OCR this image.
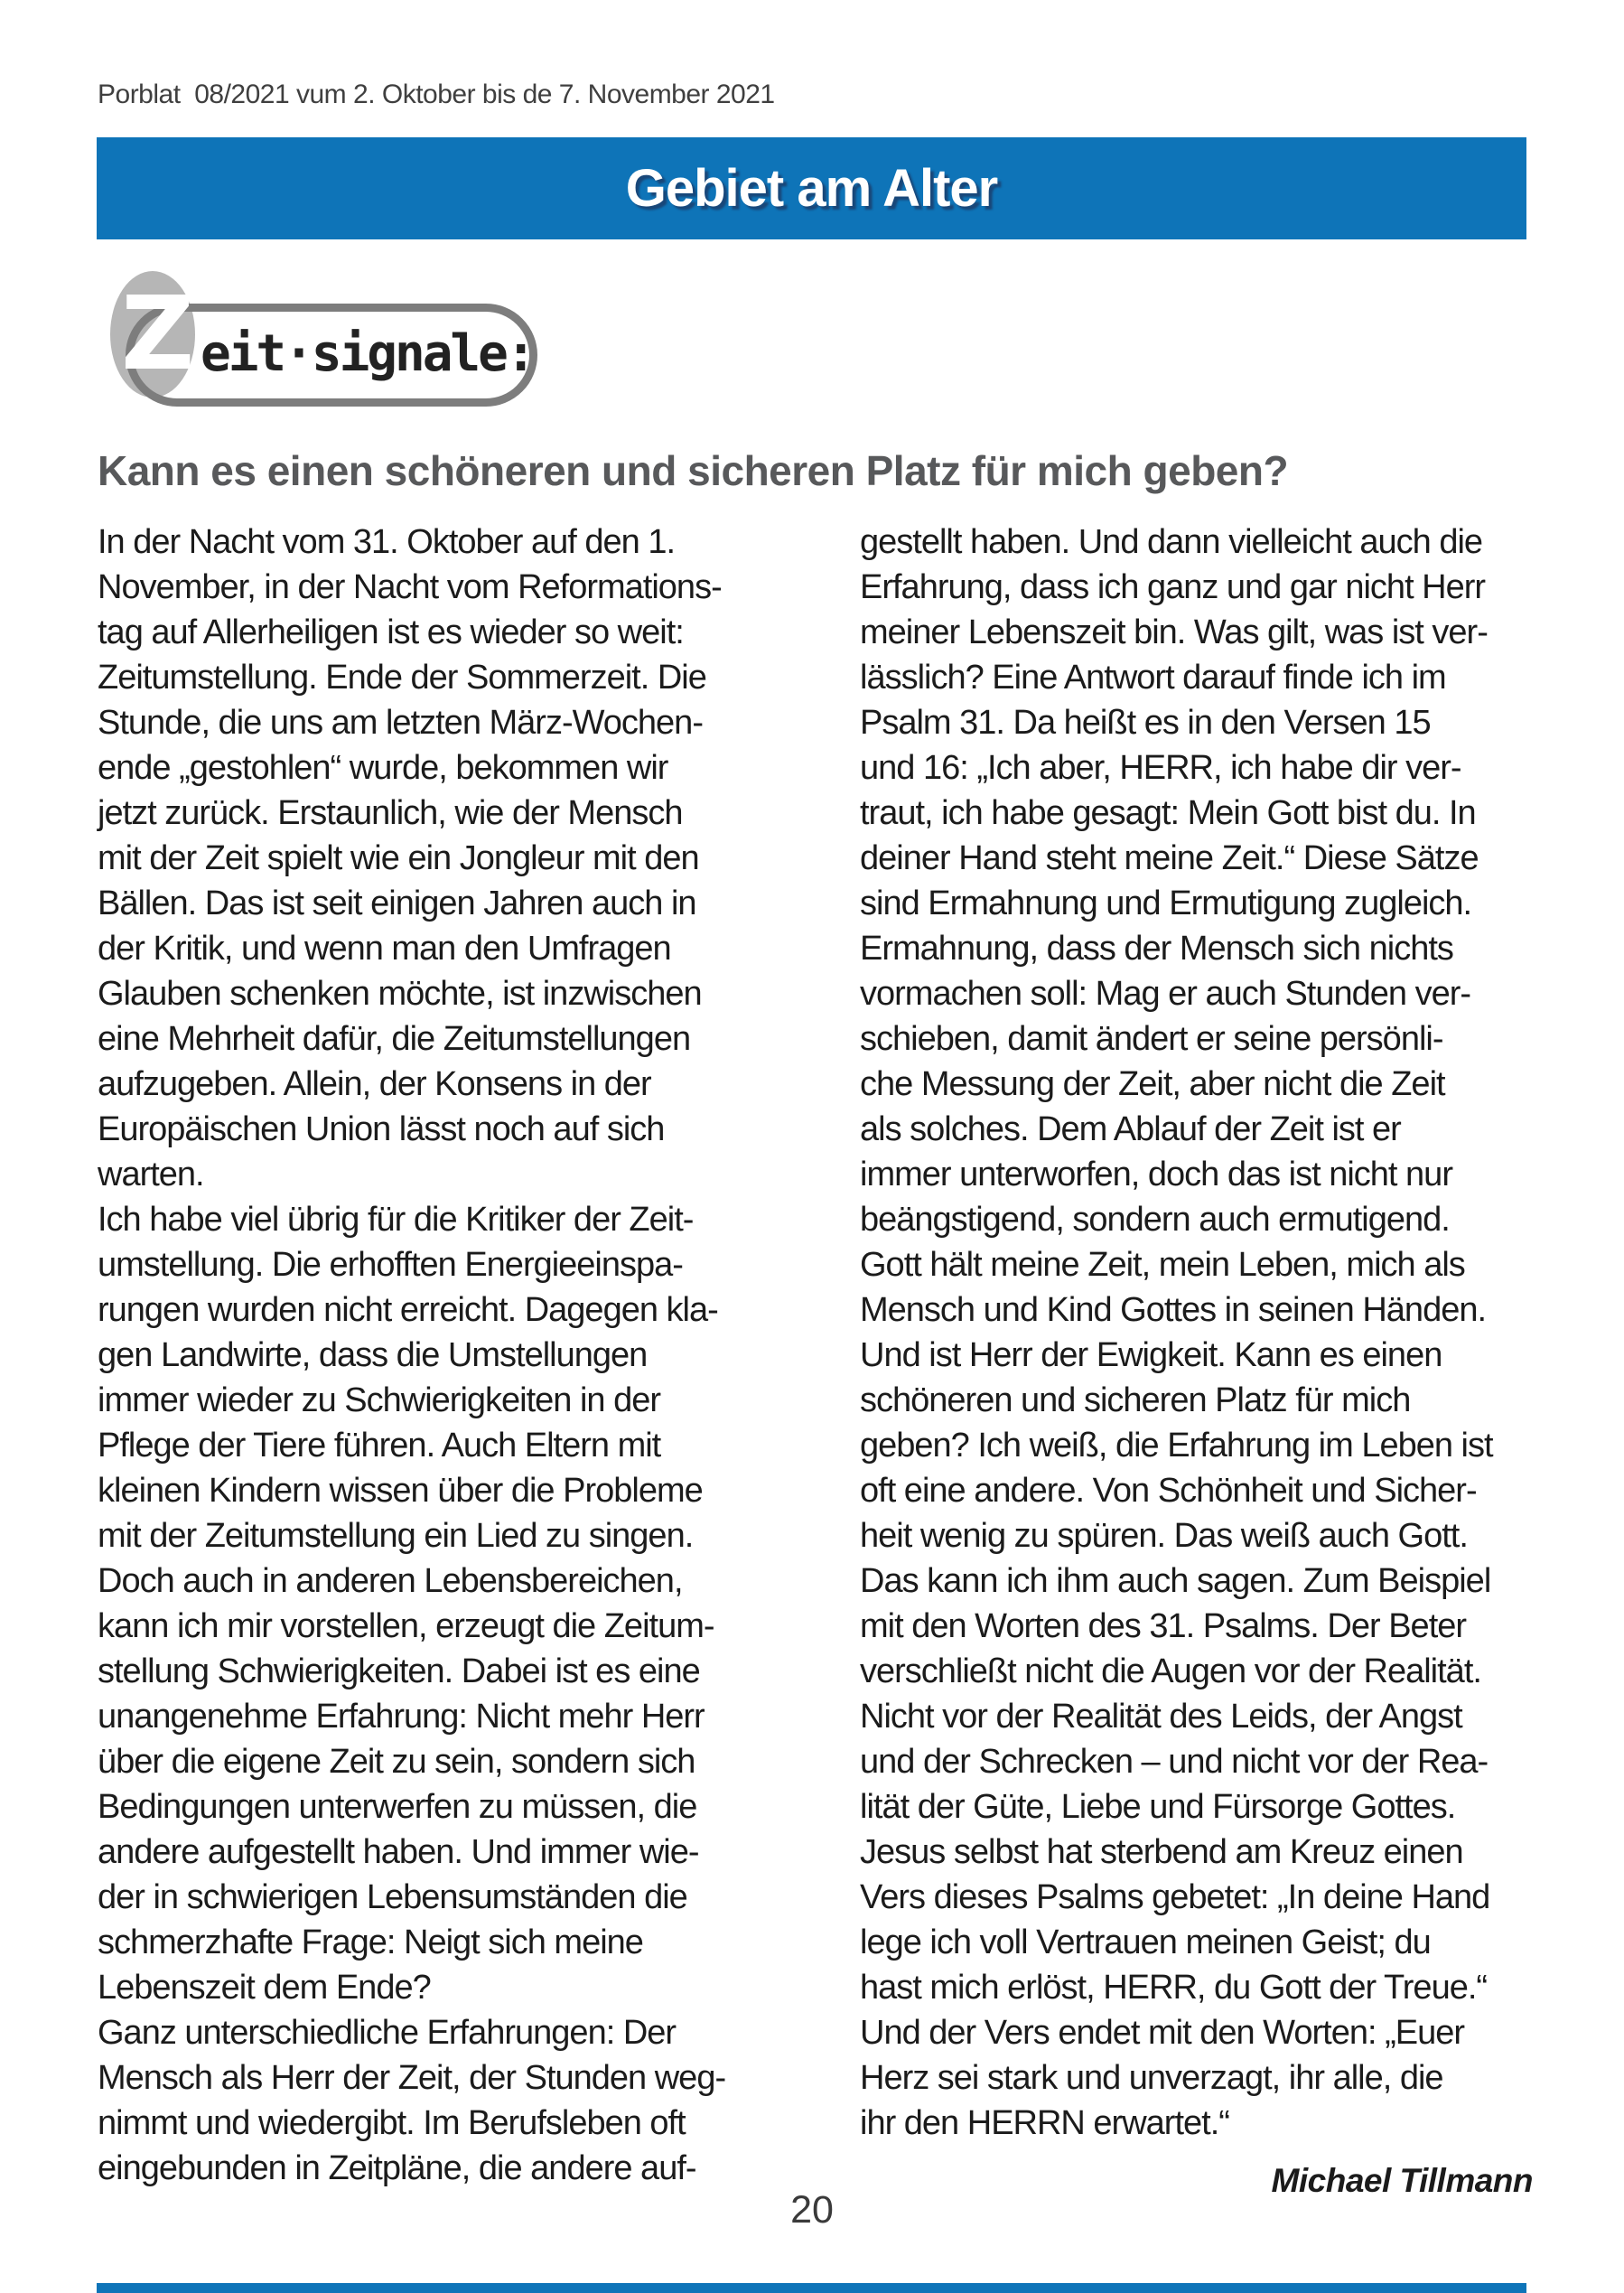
Porblat  08/2021 vum 2. Oktober bis de 7. November 2021
Gebiet am Alter
Z eit·signale:
Kann es einen schöneren und sicheren Platz für mich geben?
In der Nacht vom 31. Oktober auf den 1.
November, in der Nacht vom Reformations-
tag auf Allerheiligen ist es wieder so weit:
Zeitumstellung. Ende der Sommerzeit. Die
Stunde, die uns am letzten März-Wochen-
ende „gestohlen“ wurde, bekommen wir
jetzt zurück. Erstaunlich, wie der Mensch
mit der Zeit spielt wie ein Jongleur mit den
Bällen. Das ist seit einigen Jahren auch in
der Kritik, und wenn man den Umfragen
Glauben schenken möchte, ist inzwischen
eine Mehrheit dafür, die Zeitumstellungen
aufzugeben. Allein, der Konsens in der
Europäischen Union lässt noch auf sich
warten.
Ich habe viel übrig für die Kritiker der Zeit-
umstellung. Die erhofften Energieeinspa-
rungen wurden nicht erreicht. Dagegen kla-
gen Landwirte, dass die Umstellungen
immer wieder zu Schwierigkeiten in der
Pflege der Tiere führen. Auch Eltern mit
kleinen Kindern wissen über die Probleme
mit der Zeitumstellung ein Lied zu singen.
Doch auch in anderen Lebensbereichen,
kann ich mir vorstellen, erzeugt die Zeitum-
stellung Schwierigkeiten. Dabei ist es eine
unangenehme Erfahrung: Nicht mehr Herr
über die eigene Zeit zu sein, sondern sich
Bedingungen unterwerfen zu müssen, die
andere aufgestellt haben. Und immer wie-
der in schwierigen Lebensumständen die
schmerzhafte Frage: Neigt sich meine
Lebenszeit dem Ende?
Ganz unterschiedliche Erfahrungen: Der
Mensch als Herr der Zeit, der Stunden weg-
nimmt und wiedergibt. Im Berufsleben oft
eingebunden in Zeitpläne, die andere auf-
gestellt haben. Und dann vielleicht auch die
Erfahrung, dass ich ganz und gar nicht Herr
meiner Lebenszeit bin. Was gilt, was ist ver-
lässlich? Eine Antwort darauf finde ich im
Psalm 31. Da heißt es in den Versen 15
und 16: „Ich aber, HERR, ich habe dir ver-
traut, ich habe gesagt: Mein Gott bist du. In
deiner Hand steht meine Zeit.“ Diese Sätze
sind Ermahnung und Ermutigung zugleich.
Ermahnung, dass der Mensch sich nichts
vormachen soll: Mag er auch Stunden ver-
schieben, damit ändert er seine persönli-
che Messung der Zeit, aber nicht die Zeit
als solches. Dem Ablauf der Zeit ist er
immer unterworfen, doch das ist nicht nur
beängstigend, sondern auch ermutigend.
Gott hält meine Zeit, mein Leben, mich als
Mensch und Kind Gottes in seinen Händen.
Und ist Herr der Ewigkeit. Kann es einen
schöneren und sicheren Platz für mich
geben? Ich weiß, die Erfahrung im Leben ist
oft eine andere. Von Schönheit und Sicher-
heit wenig zu spüren. Das weiß auch Gott.
Das kann ich ihm auch sagen. Zum Beispiel
mit den Worten des 31. Psalms. Der Beter
verschließt nicht die Augen vor der Realität.
Nicht vor der Realität des Leids, der Angst
und der Schrecken – und nicht vor der Rea-
lität der Güte, Liebe und Fürsorge Gottes.
Jesus selbst hat sterbend am Kreuz einen
Vers dieses Psalms gebetet: „In deine Hand
lege ich voll Vertrauen meinen Geist; du
hast mich erlöst, HERR, du Gott der Treue.“
Und der Vers endet mit den Worten: „Euer
Herz sei stark und unverzagt, ihr alle, die
ihr den HERRN erwartet.“
Michael Tillmann
20
